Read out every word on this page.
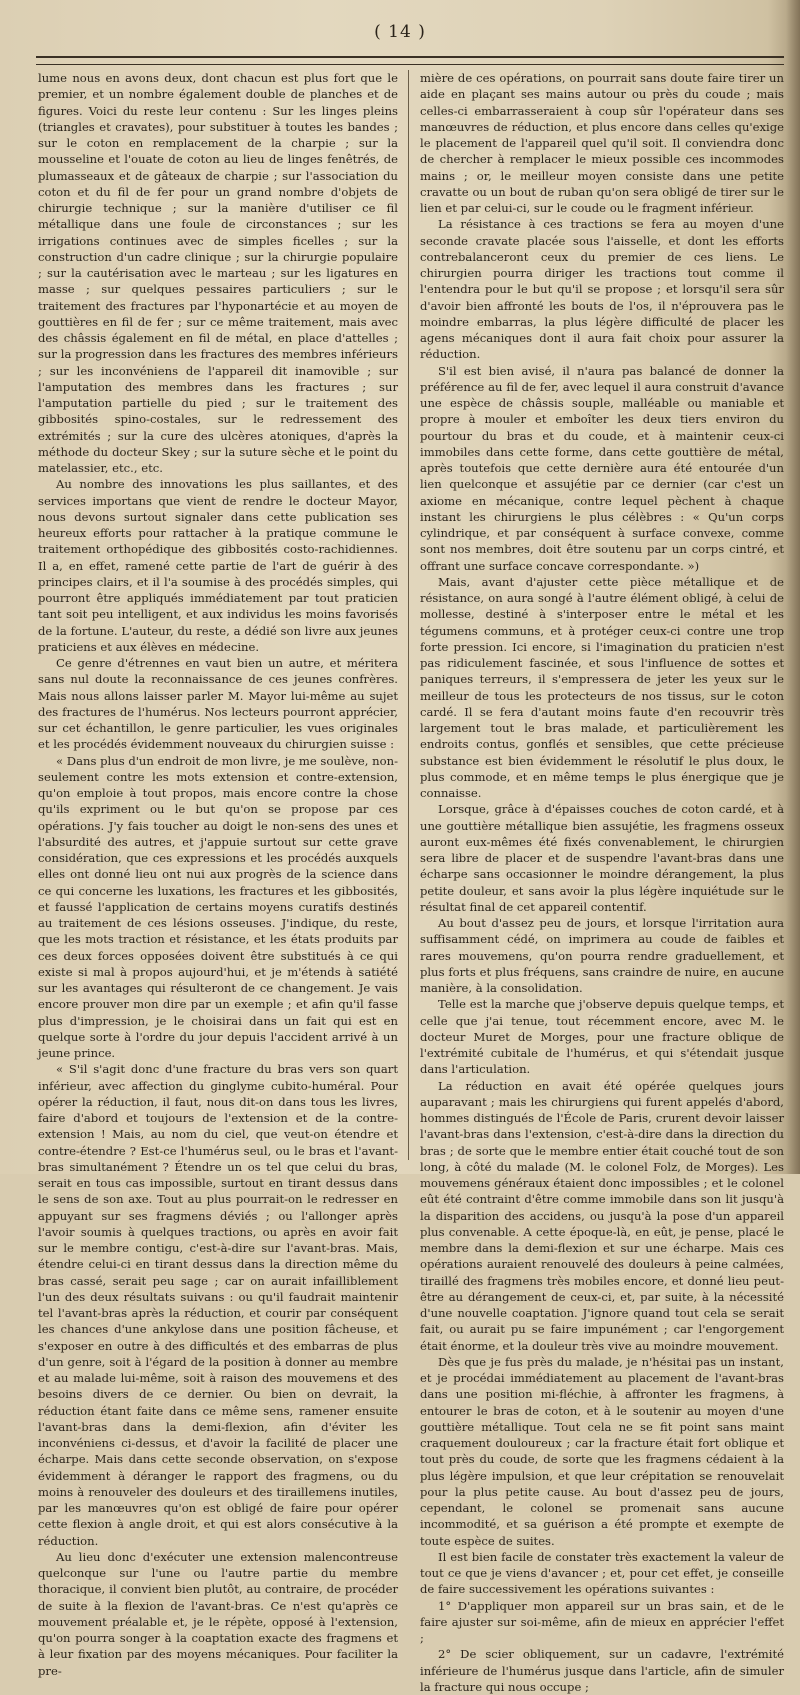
( 14 )

lume nous en avons deux, dont chacun est plus fort que le premier, et un nombre également double de planches et de figures. Voici du reste leur contenu : Sur les linges pleins (triangles et cravates), pour substituer à toutes les bandes ; sur le coton en remplacement de la charpie ; sur la mousseline et l'ouate de coton au lieu de linges fenêtrés, de plumasseaux et de gâteaux de charpie ; sur l'association du coton et du fil de fer pour un grand nombre d'objets de chirurgie technique ; sur la manière d'utiliser ce fil métallique dans une foule de circonstances ; sur les irrigations continues avec de simples ficelles ; sur la construction d'un cadre clinique ; sur la chirurgie populaire ; sur la cautérisation avec le marteau ; sur les ligatures en masse ; sur quelques pessaires particuliers ; sur le traitement des fractures par l'hyponartécie et au moyen de gouttières en fil de fer ; sur ce même traitement, mais avec des châssis également en fil de métal, en place d'attelles ; sur la progression dans les fractures des membres inférieurs ; sur les inconvéniens de l'appareil dit inamovible ; sur l'amputation des membres dans les fractures ; sur l'amputation partielle du pied ; sur le traitement des gibbosités spino-costales, sur le redressement des extrémités ; sur la cure des ulcères atoniques, d'après la méthode du docteur Skey ; sur la suture sèche et le point du matelassier, etc., etc.

Au nombre des innovations les plus saillantes, et des services importans que vient de rendre le docteur Mayor, nous devons surtout signaler dans cette publication ses heureux efforts pour rattacher à la pratique commune le traitement orthopédique des gibbosités costo-rachidiennes. Il a, en effet, ramené cette partie de l'art de guérir à des principes clairs, et il l'a soumise à des procédés simples, qui pourront être appliqués immédiatement par tout praticien tant soit peu intelligent, et aux individus les moins favorisés de la fortune. L'auteur, du reste, a dédié son livre aux jeunes praticiens et aux élèves en médecine.

Ce genre d'étrennes en vaut bien un autre, et méritera sans nul doute la reconnaissance de ces jeunes confrères. Mais nous allons laisser parler M. Mayor lui-même au sujet des fractures de l'humérus. Nos lecteurs pourront apprécier, sur cet échantillon, le genre particulier, les vues originales et les procédés évidemment nouveaux du chirurgien suisse :

« Dans plus d'un endroit de mon livre, je me soulève, non-seulement contre les mots extension et contre-extension, qu'on emploie à tout propos, mais encore contre la chose qu'ils expriment ou le but qu'on se propose par ces opérations. J'y fais toucher au doigt le non-sens des unes et l'absurdité des autres, et j'appuie surtout sur cette grave considération, que ces expressions et les procédés auxquels elles ont donné lieu ont nui aux progrès de la science dans ce qui concerne les luxations, les fractures et les gibbosités, et faussé l'application de certains moyens curatifs destinés au traitement de ces lésions osseuses. J'indique, du reste, que les mots traction et résistance, et les états produits par ces deux forces opposées doivent être substitués à ce qui existe si mal à propos aujourd'hui, et je m'étends à satiété sur les avantages qui résulteront de ce changement. Je vais encore prouver mon dire par un exemple ; et afin qu'il fasse plus d'impression, je le choisirai dans un fait qui est en quelque sorte à l'ordre du jour depuis l'accident arrivé à un jeune prince.

« S'il s'agit donc d'une fracture du bras vers son quart inférieur, avec affection du ginglyme cubito-huméral. Pour opérer la réduction, il faut, nous dit-on dans tous les livres, faire d'abord et toujours de l'extension et de la contre-extension ! Mais, au nom du ciel, que veut-on étendre et contre-étendre ? Est-ce l'humérus seul, ou le bras et l'avant-bras simultanément ? Étendre un os tel que celui du bras, serait en tous cas impossible, surtout en tirant dessus dans le sens de son axe. Tout au plus pourrait-on le redresser en appuyant sur ses fragmens déviés ; ou l'allonger après l'avoir soumis à quelques tractions, ou après en avoir fait sur le membre contigu, c'est-à-dire sur l'avant-bras. Mais, étendre celui-ci en tirant dessus dans la direction même du bras cassé, serait peu sage ; car on aurait infailliblement l'un des deux résultats suivans : ou qu'il faudrait maintenir tel l'avant-bras après la réduction, et courir par conséquent les chances d'une ankylose dans une position fâcheuse, et s'exposer en outre à des difficultés et des embarras de plus d'un genre, soit à l'égard de la position à donner au membre et au malade lui-même, soit à raison des mouvemens et des besoins divers de ce dernier. Ou bien on devrait, la réduction étant faite dans ce même sens, ramener ensuite l'avant-bras dans la demi-flexion, afin d'éviter les inconvéniens ci-dessus, et d'avoir la facilité de placer une écharpe. Mais dans cette seconde observation, on s'expose évidemment à déranger le rapport des fragmens, ou du moins à renouveler des douleurs et des tiraillemens inutiles, par les manœuvres qu'on est obligé de faire pour opérer cette flexion à angle droit, et qui est alors consécutive à la réduction.

Au lieu donc d'exécuter une extension malencontreuse quelconque sur l'une ou l'autre partie du membre thoracique, il convient bien plutôt, au contraire, de procéder de suite à la flexion de l'avant-bras. Ce n'est qu'après ce mouvement préalable et, je le répète, opposé à l'extension, qu'on pourra songer à la coaptation exacte des fragmens et à leur fixation par des moyens mécaniques. Pour faciliter la pre-

mière de ces opérations, on pourrait sans doute faire tirer un aide en plaçant ses mains autour ou près du coude ; mais celles-ci embarrasseraient à coup sûr l'opérateur dans ses manœuvres de réduction, et plus encore dans celles qu'exige le placement de l'appareil quel qu'il soit. Il conviendra donc de chercher à remplacer le mieux possible ces incommodes mains ; or, le meilleur moyen consiste dans une petite cravatte ou un bout de ruban qu'on sera obligé de tirer sur le lien et par celui-ci, sur le coude ou le fragment inférieur.

La résistance à ces tractions se fera au moyen d'une seconde cravate placée sous l'aisselle, et dont les efforts contrebalanceront ceux du premier de ces liens. Le chirurgien pourra diriger les tractions tout comme il l'entendra pour le but qu'il se propose ; et lorsqu'il sera sûr d'avoir bien affronté les bouts de l'os, il n'éprouvera pas le moindre embarras, la plus légère difficulté de placer les agens mécaniques dont il aura fait choix pour assurer la réduction.

S'il est bien avisé, il n'aura pas balancé de donner la préférence au fil de fer, avec lequel il aura construit d'avance une espèce de châssis souple, malléable ou maniable et propre à mouler et emboîter les deux tiers environ du pourtour du bras et du coude, et à maintenir ceux-ci immobiles dans cette forme, dans cette gouttière de métal, après toutefois que cette dernière aura été entourée d'un lien quelconque et assujétie par ce dernier (car c'est un axiome en mécanique, contre lequel pèchent à chaque instant les chirurgiens le plus célèbres : « Qu'un corps cylindrique, et par conséquent à surface convexe, comme sont nos membres, doit être soutenu par un corps cintré, et offrant une surface concave correspondante. »)

Mais, avant d'ajuster cette pièce métallique et de résistance, on aura songé à l'autre élément obligé, à celui de mollesse, destiné à s'interposer entre le métal et les tégumens communs, et à protéger ceux-ci contre une trop forte pression. Ici encore, si l'imagination du praticien n'est pas ridiculement fascinée, et sous l'influence de sottes et paniques terreurs, il s'empressera de jeter les yeux sur le meilleur de tous les protecteurs de nos tissus, sur le coton cardé. Il se fera d'autant moins faute d'en recouvrir très largement tout le bras malade, et particulièrement les endroits contus, gonflés et sensibles, que cette précieuse substance est bien évidemment le résolutif le plus doux, le plus commode, et en même temps le plus énergique que je connaisse.

Lorsque, grâce à d'épaisses couches de coton cardé, et à une gouttière métallique bien assujétie, les fragmens osseux auront eux-mêmes été fixés convenablement, le chirurgien sera libre de placer et de suspendre l'avant-bras dans une écharpe sans occasionner le moindre dérangement, la plus petite douleur, et sans avoir la plus légère inquiétude sur le résultat final de cet appareil contentif.

Au bout d'assez peu de jours, et lorsque l'irritation aura suffisamment cédé, on imprimera au coude de faibles et rares mouvemens, qu'on pourra rendre graduellement, et plus forts et plus fréquens, sans craindre de nuire, en aucune manière, à la consolidation.

Telle est la marche que j'observe depuis quelque temps, et celle que j'ai tenue, tout récemment encore, avec M. le docteur Muret de Morges, pour une fracture oblique de l'extrémité cubitale de l'humérus, et qui s'étendait jusque dans l'articulation.

La réduction en avait été opérée quelques jours auparavant ; mais les chirurgiens qui furent appelés d'abord, hommes distingués de l'École de Paris, crurent devoir laisser l'avant-bras dans l'extension, c'est-à-dire dans la direction du bras ; de sorte que le membre entier était couché tout de son long, à côté du malade (M. le colonel Folz, de Morges). Les mouvemens généraux étaient donc impossibles ; et le colonel eût été contraint d'être comme immobile dans son lit jusqu'à la disparition des accidens, ou jusqu'à la pose d'un appareil plus convenable. A cette époque-là, en eût, je pense, placé le membre dans la demi-flexion et sur une écharpe. Mais ces opérations auraient renouvelé des douleurs à peine calmées, tiraillé des fragmens très mobiles encore, et donné lieu peut-être au dérangement de ceux-ci, et, par suite, à la nécessité d'une nouvelle coaptation. J'ignore quand tout cela se serait fait, ou aurait pu se faire impunément ; car l'engorgement était énorme, et la douleur très vive au moindre mouvement.

Dès que je fus près du malade, je n'hésitai pas un instant, et je procédai immédiatement au placement de l'avant-bras dans une position mi-fléchie, à affronter les fragmens, à entourer le bras de coton, et à le soutenir au moyen d'une gouttière métallique. Tout cela ne se fit point sans maint craquement douloureux ; car la fracture était fort oblique et tout près du coude, de sorte que les fragmens cédaient à la plus légère impulsion, et que leur crépitation se renouvelait pour la plus petite cause. Au bout d'assez peu de jours, cependant, le colonel se promenait sans aucune incommodité, et sa guérison a été prompte et exempte de toute espèce de suites.

Il est bien facile de constater très exactement la valeur de tout ce que je viens d'avancer ; et, pour cet effet, je conseille de faire successivement les opérations suivantes :

1° D'appliquer mon appareil sur un bras sain, et de le faire ajuster sur soi-même, afin de mieux en apprécier l'effet ;

2° De scier obliquement, sur un cadavre, l'extrémité inférieure de l'humérus jusque dans l'article, afin de simuler la fracture qui nous occupe ;
